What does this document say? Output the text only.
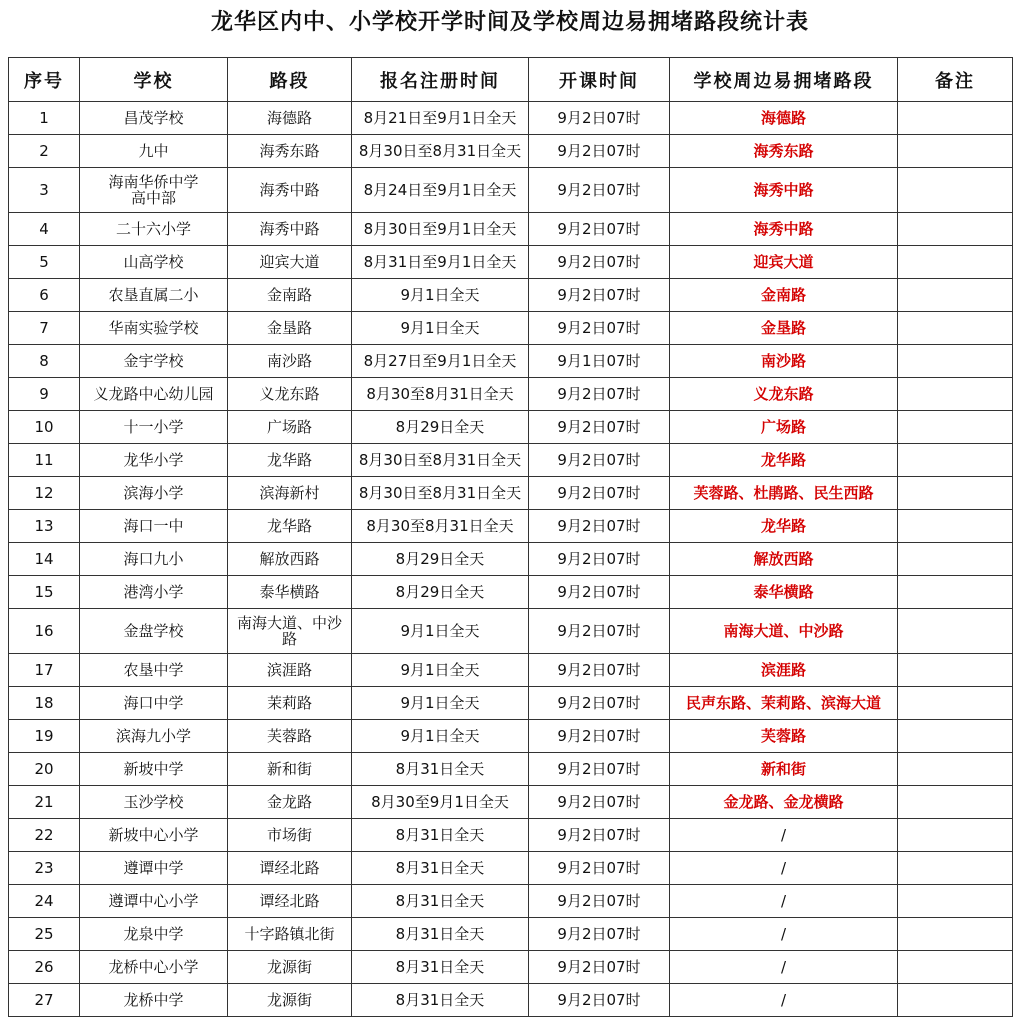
龙华区内中、小学校开学时间及学校周边易拥堵路段统计表
序号	学校	路段	报名注册时间	开课时间	学校周边易拥堵路段	备注
1	昌茂学校	海德路	8月21日至9月1日全天	9月2日07时	海德路	
2	九中	海秀东路	8月30日至8月31日全天	9月2日07时	海秀东路	
3	海南华侨中学
高中部	海秀中路	8月24日至9月1日全天	9月2日07时	海秀中路	
4	二十六小学	海秀中路	8月30日至9月1日全天	9月2日07时	海秀中路	
5	山高学校	迎宾大道	8月31日至9月1日全天	9月2日07时	迎宾大道	
6	农垦直属二小	金南路	9月1日全天	9月2日07时	金南路	
7	华南实验学校	金垦路	9月1日全天	9月2日07时	金垦路	
8	金宇学校	南沙路	8月27日至9月1日全天	9月1日07时	南沙路	
9	义龙路中心幼儿园	义龙东路	8月30至8月31日全天	9月2日07时	义龙东路	
10	十一小学	广场路	8月29日全天	9月2日07时	广场路	
11	龙华小学	龙华路	8月30日至8月31日全天	9月2日07时	龙华路	
12	滨海小学	滨海新村	8月30日至8月31日全天	9月2日07时	芙蓉路、杜鹃路、民生西路	
13	海口一中	龙华路	8月30至8月31日全天	9月2日07时	龙华路	
14	海口九小	解放西路	8月29日全天	9月2日07时	解放西路	
15	港湾小学	泰华横路	8月29日全天	9月2日07时	泰华横路	
16	金盘学校	南海大道、中沙
路	9月1日全天	9月2日07时	南海大道、中沙路	
17	农垦中学	滨涯路	9月1日全天	9月2日07时	滨涯路	
18	海口中学	茉莉路	9月1日全天	9月2日07时	民声东路、茉莉路、滨海大道	
19	滨海九小学	芙蓉路	9月1日全天	9月2日07时	芙蓉路	
20	新坡中学	新和街	8月31日全天	9月2日07时	新和街	
21	玉沙学校	金龙路	8月30至9月1日全天	9月2日07时	金龙路、金龙横路	
22	新坡中心小学	市场街	8月31日全天	9月2日07时	/	
23	遵谭中学	谭经北路	8月31日全天	9月2日07时	/	
24	遵谭中心小学	谭经北路	8月31日全天	9月2日07时	/	
25	龙泉中学	十字路镇北街	8月31日全天	9月2日07时	/	
26	龙桥中心小学	龙源街	8月31日全天	9月2日07时	/	
27	龙桥中学	龙源街	8月31日全天	9月2日07时	/	
